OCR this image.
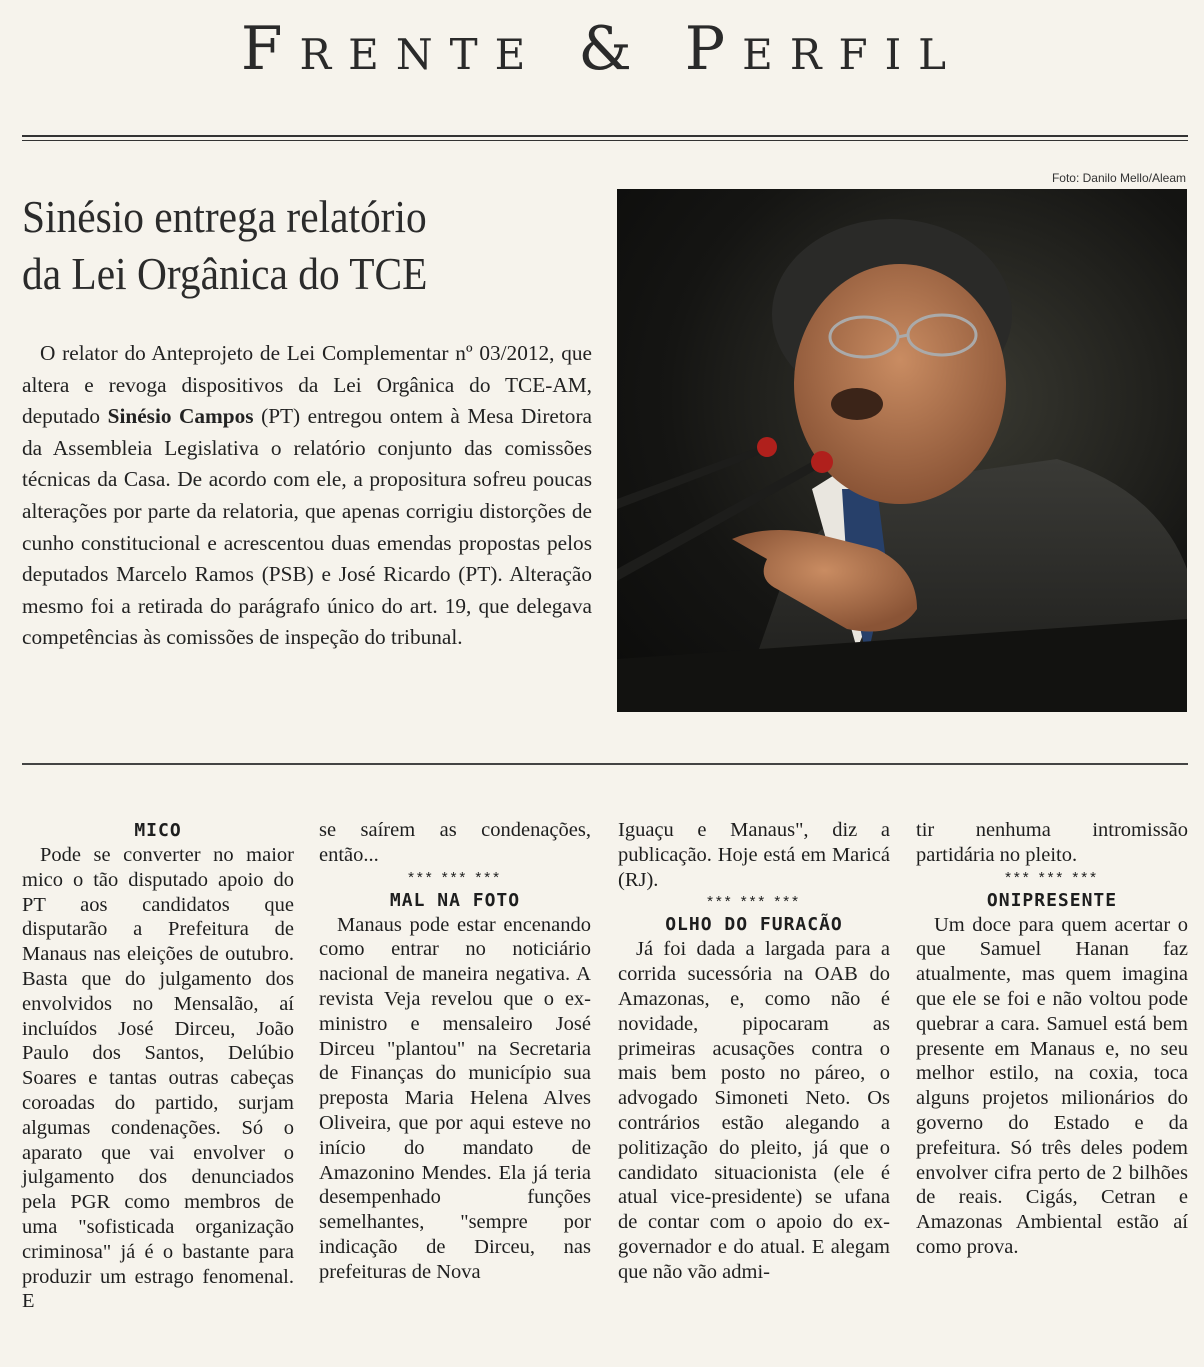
Frente & Perfil
Foto: Danilo Mello/Aleam
Sinésio entrega relatório
da Lei Orgânica do TCE

O relator do Anteprojeto de Lei Complementar nº 03/2012, que altera e revoga dispositivos da Lei Orgânica do TCE-AM, deputado Sinésio Campos (PT) entregou ontem à Mesa Diretora da Assembleia Legislativa o relatório conjunto das comissões técnicas da Casa. De acordo com ele, a propositura sofreu poucas alterações por parte da relatoria, que apenas corrigiu distorções de cunho constitucional e acrescentou duas emendas propostas pelos deputados Marcelo Ramos (PSB) e José Ricardo (PT). Alteração mesmo foi a retirada do parágrafo único do art. 19, que delegava competências às comissões de inspeção do tribunal.

MICO

Pode se converter no maior mico o tão disputado apoio do PT aos candidatos que disputarão a Prefeitura de Manaus nas eleições de outubro. Basta que do julgamento dos envolvidos no Mensalão, aí incluídos José Dirceu, João Paulo dos Santos, Delúbio Soares e tantas outras cabeças coroadas do partido, surjam algumas condenações. Só o aparato que vai envolver o julgamento dos denunciados pela PGR como membros de uma "sofisticada organização criminosa" já é o bastante para produzir um estrago fenomenal. E

se saírem as condenações, então...

*** *** ***

MAL NA FOTO

Manaus pode estar encenando como entrar no noticiário nacional de maneira negativa. A revista Veja revelou que o ex-ministro e mensaleiro José Dirceu "plantou" na Secretaria de Finanças do município sua preposta Maria Helena Alves Oliveira, que por aqui esteve no início do mandato de Amazonino Mendes. Ela já teria desempenhado funções semelhantes, "sempre por indicação de Dirceu, nas prefeituras de Nova

Iguaçu e Manaus", diz a publicação. Hoje está em Maricá (RJ).

*** *** ***

OLHO DO FURACÃO

Já foi dada a largada para a corrida sucessória na OAB do Amazonas, e, como não é novidade, pipocaram as primeiras acusações contra o mais bem posto no páreo, o advogado Simoneti Neto. Os contrários estão alegando a politização do pleito, já que o candidato situacionista (ele é atual vice-presidente) se ufana de contar com o apoio do ex-governador e do atual. E alegam que não vão admi-

tir nenhuma intromissão partidária no pleito.

*** *** ***

ONIPRESENTE

Um doce para quem acertar o que Samuel Hanan faz atualmente, mas quem imagina que ele se foi e não voltou pode quebrar a cara. Samuel está bem presente em Manaus e, no seu melhor estilo, na coxia, toca alguns projetos milionários do governo do Estado e da prefeitura. Só três deles podem envolver cifra perto de 2 bilhões de reais. Cigás, Cetran e Amazonas Ambiental estão aí como prova.
